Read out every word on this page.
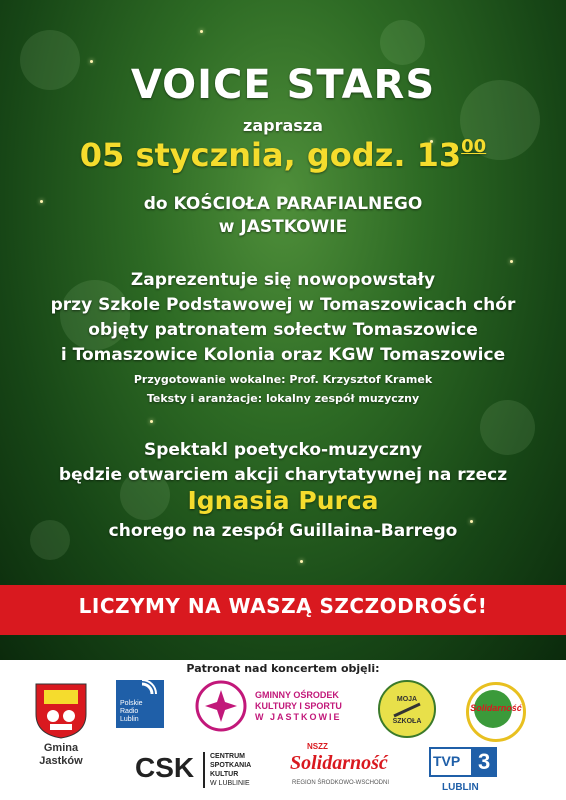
VOICE STARS
zaprasza
05 stycznia, godz. $13^{00}$
do KOŚCIOŁA PARAFIALNEGO
w JASTKOWIE
Zaprezentuje się nowopowstały
przy Szkole Podstawowej w Tomaszowicach chór
objęty patronatem sołectw Tomaszowice
i Tomaszowice Kolonia oraz KGW Tomaszowice
Przygotowanie wokalne: Prof. Krzysztof Kramek
Teksty i aranżacje: lokalny zespół muzyczny
Spektakl poetycko-muzyczny
będzie otwarciem akcji charytatywnej na rzecz
Ignasia Purca
chorego na zespół Guillaina-Barrego
LICZYMY NA WASZĄ SZCZODROŚĆ!
Patronat nad koncertem objęli:
Gmina
Jastków
Polskie
Radio
Lublin
GMINNY OŚRODEK
KULTURY I SPORTU
W JASTKOWIE
MOJA
SZKOŁA
Solidarność
CSK CENTRUM
SPOTKANIA
KULTUR
W LUBLINIE
NSZZ
Solidarność
REGION ŚRODKOWO-WSCHODNI
TVP 3
LUBLIN
